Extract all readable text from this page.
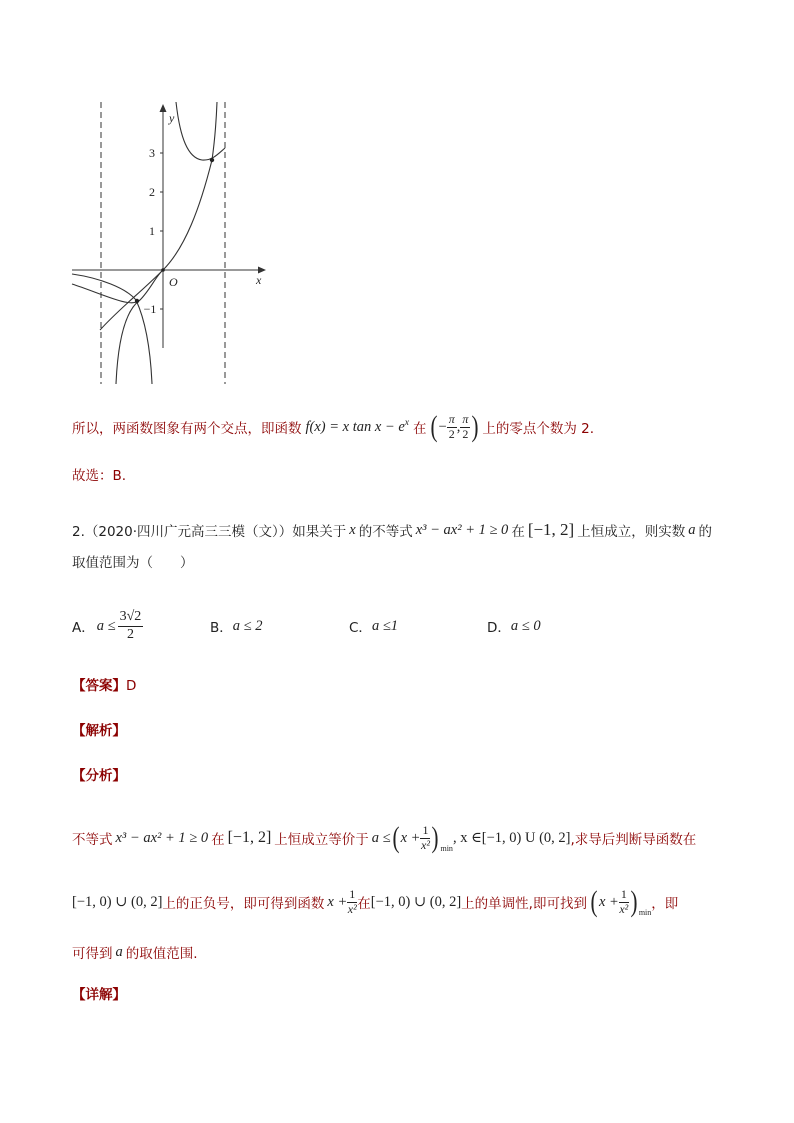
3
2
1
−1
y
x
O
所以，两函数图象有两个交点，即函数 f(x) = x $\tan x - e^x$ 在 ( − $\frac{\pi}{2}$ , $\frac{\pi}{2}$ ) 上的零点个数为 2.
故选：B.
2.（2020·四川广元高三三模（文））如果关于 x 的不等式 x³ − ax² + 1 ≥ 0 在 [−1, 2] 上恒成立，则实数 a 的
取值范围为（　　）
A． $a \le \frac{3√2}{2}$	B． a ≤ 2	C． a ≤1	D． a ≤ 0
【答案】D
【解析】
【分析】
不等式 x³ − ax² + 1 ≥ 0 在 [−1, 2] 上恒成立等价于 a ≤ ( $x + \frac{1}{\text{x²}} )_{min}$
, x ∈[−1, 0) U (0, 2] ,求导后判断导函数在
[−1, 0) ∪ (0, 2] 上的正负号，即可得到函数 $x + \frac{1}{\text{x²}}$ 在 [−1, 0) ∪ (0, 2] 上的单调性,即可找到 ( $x + \frac{1}{\text{x²}} )_{min}$
，即
可得到 a 的取值范围.
【详解】
